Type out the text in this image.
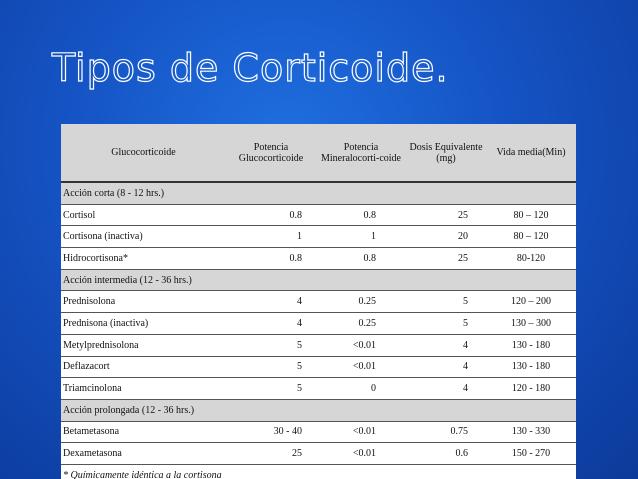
Tipos de Corticoide.
Glucocorticoide	Potencia Glucocorticoide	Potencia Mineralocorti-coide	Dosis Equivalente (mg)	Vida media(Min)
Acción corta (8 - 12 hrs.)				
Cortisol	0.8	0.8	25	80 – 120
Cortisona (inactiva)	1	1	20	80 – 120
Hidrocortisona*	0.8	0.8	25	80-120
Acción intermedia (12 - 36 hrs.)				
Prednisolona	4	0.25	5	120 – 200
Prednisona (inactiva)	4	0.25	5	130 – 300
Metylprednisolona	5	<0.01	4	130 - 180
Deflazacort	5	<0.01	4	130 - 180
Triamcinolona	5	0	4	120 - 180
Acción prolongada (12 - 36 hrs.)				
Betametasona	30 - 40	<0.01	0.75	130 - 330
Dexametasona	25	<0.01	0.6	150 - 270
* Químicamente idéntica a la cortisona				
